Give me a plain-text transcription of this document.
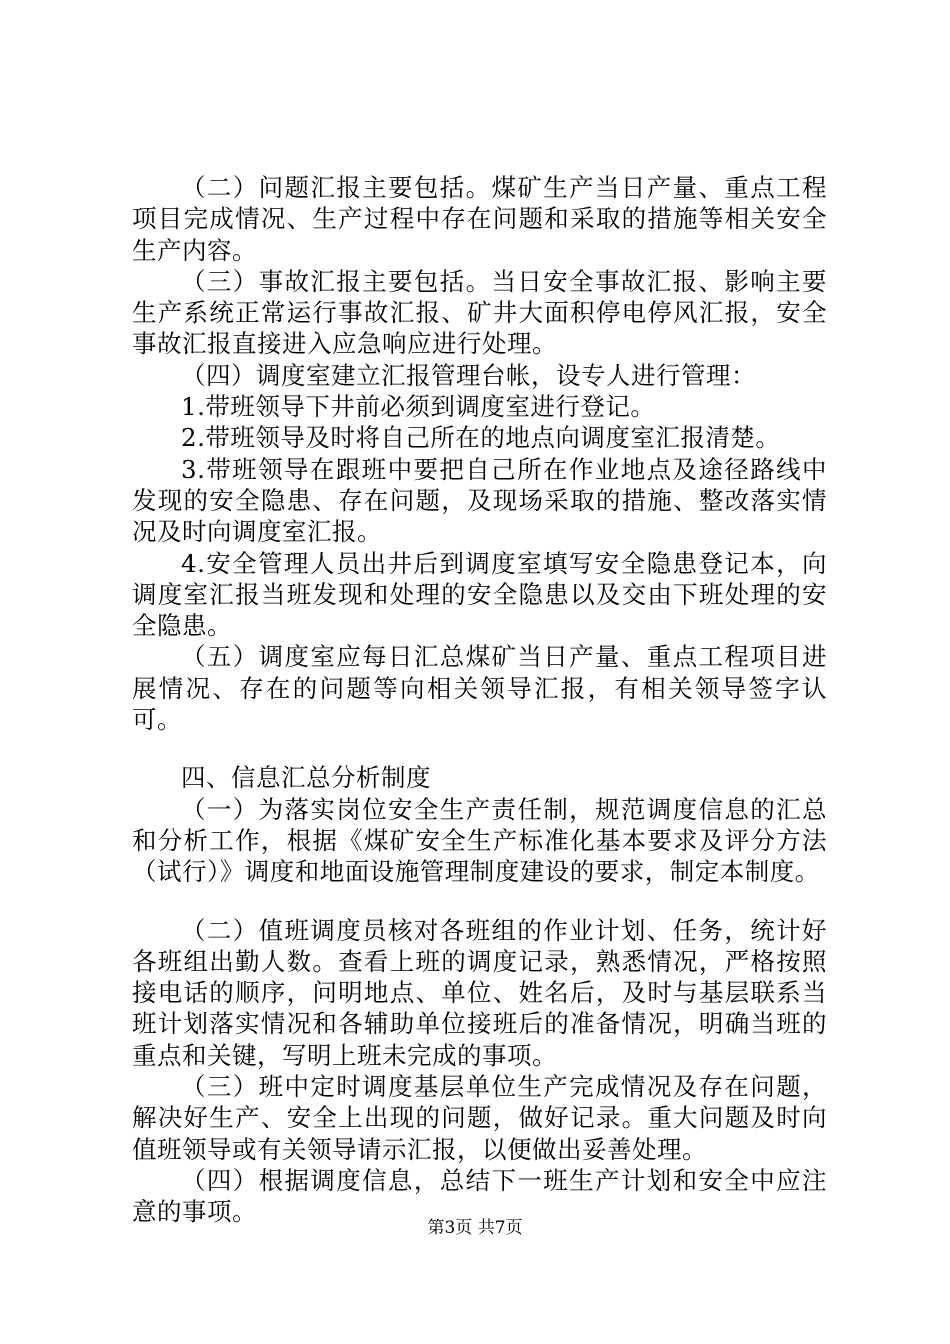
（二）问题汇报主要包括。煤矿生产当日产量、重点工程项目完成情况、生产过程中存在问题和采取的措施等相关安全生产内容。

（三）事故汇报主要包括。当日安全事故汇报、影响主要生产系统正常运行事故汇报、矿井大面积停电停风汇报，安全事故汇报直接进入应急响应进行处理。

（四）调度室建立汇报管理台帐，设专人进行管理：

1.带班领导下井前必须到调度室进行登记。

2.带班领导及时将自己所在的地点向调度室汇报清楚。

3.带班领导在跟班中要把自己所在作业地点及途径路线中发现的安全隐患、存在问题，及现场采取的措施、整改落实情况及时向调度室汇报。

4.安全管理人员出井后到调度室填写安全隐患登记本，向调度室汇报当班发现和处理的安全隐患以及交由下班处理的安全隐患。

（五）调度室应每日汇总煤矿当日产量、重点工程项目进展情况、存在的问题等向相关领导汇报，有相关领导签字认可。

四、信息汇总分析制度

（一）为落实岗位安全生产责任制，规范调度信息的汇总和分析工作，根据《煤矿安全生产标准化基本要求及评分方法（试行）》调度和地面设施管理制度建设的要求，制定本制度。

（二）值班调度员核对各班组的作业计划、任务，统计好各班组出勤人数。查看上班的调度记录，熟悉情况，严格按照接电话的顺序，问明地点、单位、姓名后，及时与基层联系当班计划落实情况和各辅助单位接班后的准备情况，明确当班的重点和关键，写明上班未完成的事项。

（三）班中定时调度基层单位生产完成情况及存在问题，解决好生产、安全上出现的问题，做好记录。重大问题及时向值班领导或有关领导请示汇报，以便做出妥善处理。

（四）根据调度信息，总结下一班生产计划和安全中应注意的事项。

第3页 共7页
